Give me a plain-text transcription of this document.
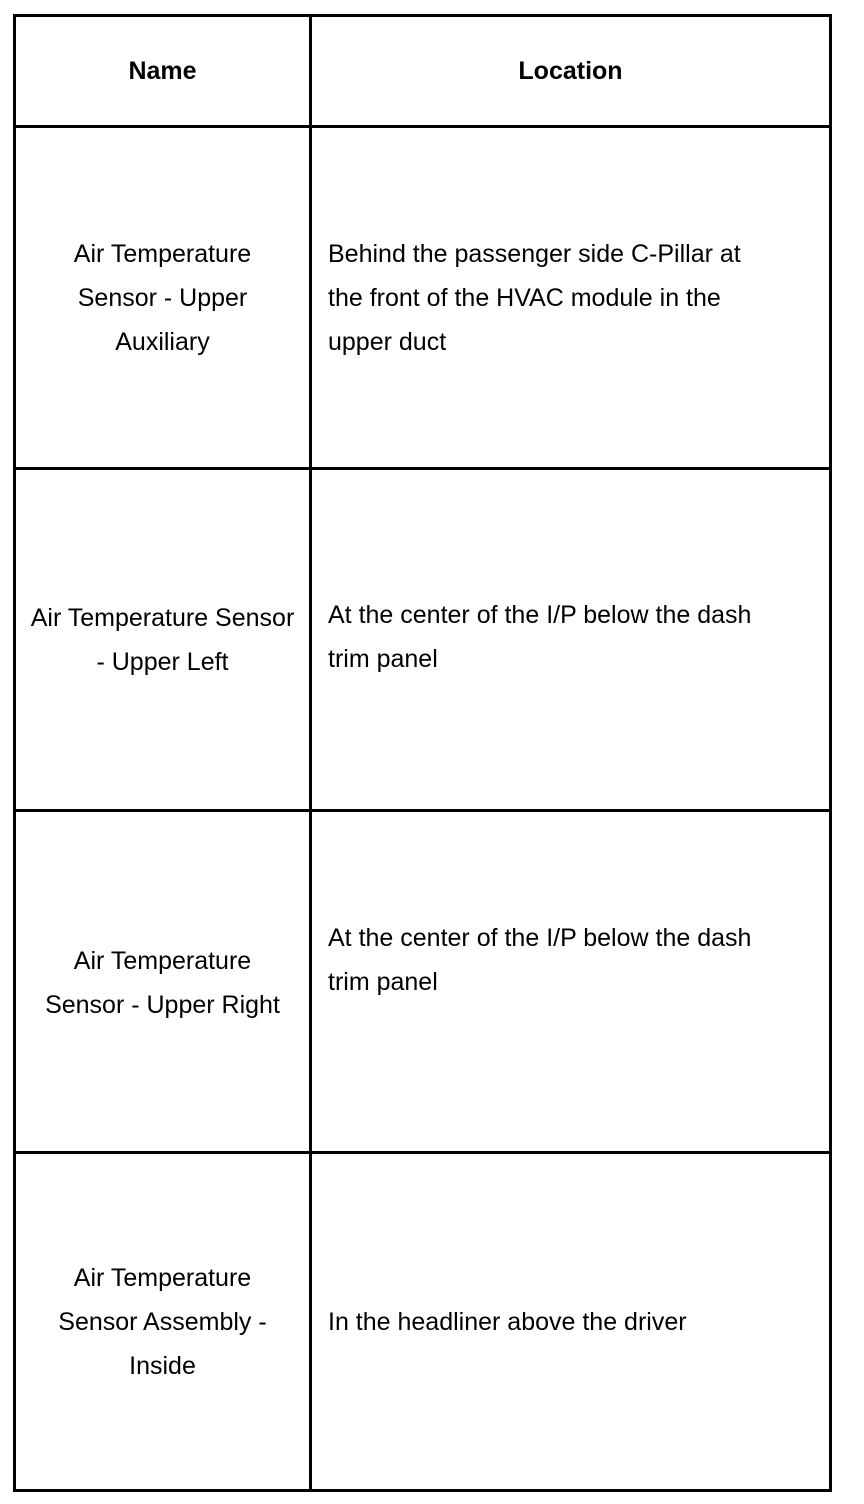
Name	Location
Air Temperature Sensor - Upper Auxiliary
Behind the passenger side C-Pillar at the front of the HVAC module in the upper duct
Air Temperature Sensor - Upper Left
At the center of the I/P below the dash trim panel
Air Temperature Sensor - Upper Right
At the center of the I/P below the dash trim panel
Air Temperature Sensor Assembly - Inside
In the headliner above the driver
